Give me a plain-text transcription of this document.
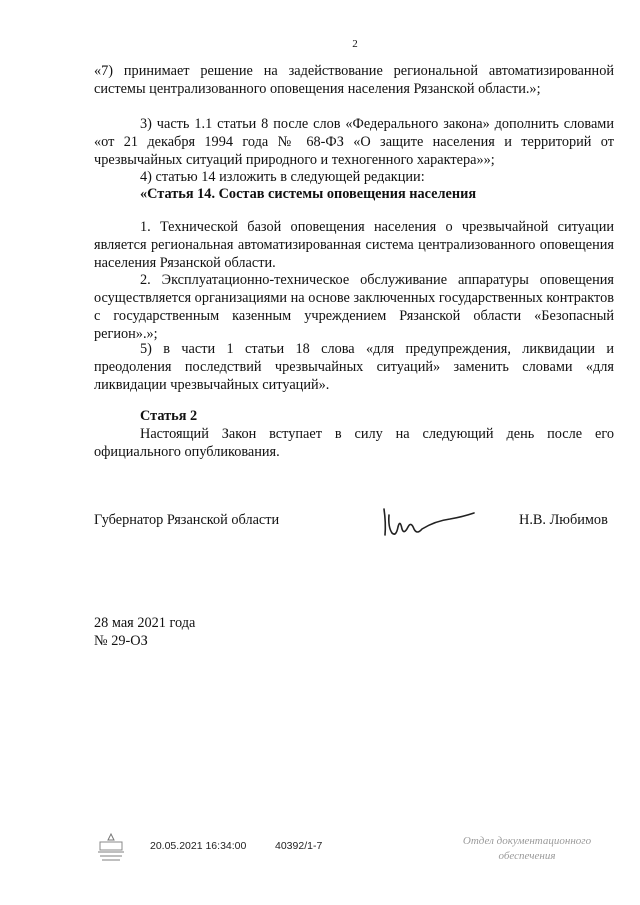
2

«7) принимает решение на задействование региональной автоматизированной системы централизованного оповещения населения Рязанской области.»;

3) часть 1.1 статьи 8 после слов «Федерального закона» дополнить словами «от 21 декабря 1994 года № 68-ФЗ «О защите населения и территорий от чрезвычайных ситуаций природного и техногенного характера»»;

4) статью 14 изложить в следующей редакции:

«Статья 14. Состав системы оповещения населения

1. Технической базой оповещения населения о чрезвычайной ситуации является региональная автоматизированная система централизованного оповещения населения Рязанской области.

2. Эксплуатационно-техническое обслуживание аппаратуры оповещения осуществляется организациями на основе заключенных государственных контрактов с государственным казенным учреждением Рязанской области «Безопасный регион».»;

5) в части 1 статьи 18 слова «для предупреждения, ликвидации и преодоления последствий чрезвычайных ситуаций» заменить словами «для ликвидации чрезвычайных ситуаций».

Статья 2

Настоящий Закон вступает в силу на следующий день после его официального опубликования.

Губернатор Рязанской области	Н.В. Любимов
28 мая 2021 года
№ 29-ОЗ
20.05.2021 16:34:00	40392/1-7	Отдел документационного
обеспечения
